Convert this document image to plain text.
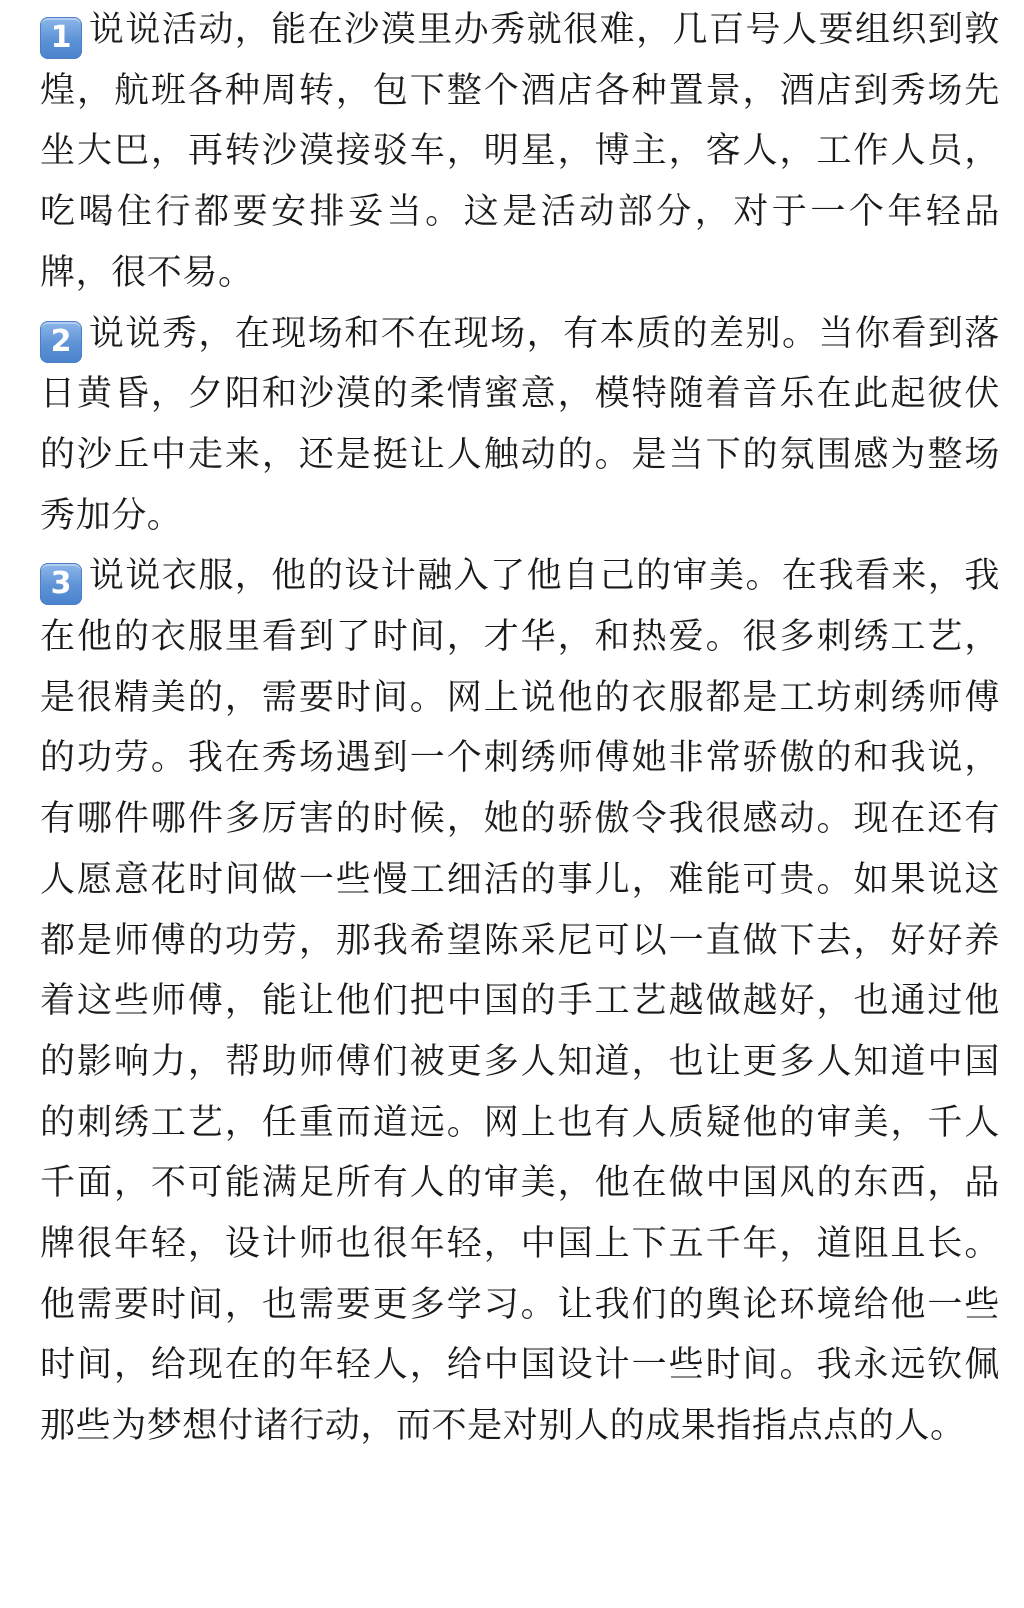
1 说说活动，能在沙漠里办秀就很难，几百号人要组织到敦煌，航班各种周转，包下整个酒店各种置景，酒店到秀场先坐大巴，再转沙漠接驳车，明星，博主，客人，工作人员，吃喝住行都要安排妥当。这是活动部分，对于一个年轻品牌，很不易。

2 说说秀，在现场和不在现场，有本质的差别。当你看到落日黄昏，夕阳和沙漠的柔情蜜意，模特随着音乐在此起彼伏的沙丘中走来，还是挺让人触动的。是当下的氛围感为整场秀加分。

3 说说衣服，他的设计融入了他自己的审美。在我看来，我在他的衣服里看到了时间，才华，和热爱。很多刺绣工艺，是很精美的，需要时间。网上说他的衣服都是工坊刺绣师傅的功劳。我在秀场遇到一个刺绣师傅她非常骄傲的和我说，有哪件哪件多厉害的时候，她的骄傲令我很感动。现在还有人愿意花时间做一些慢工细活的事儿，难能可贵。如果说这都是师傅的功劳，那我希望陈采尼可以一直做下去，好好养着这些师傅，能让他们把中国的手工艺越做越好，也通过他的影响力，帮助师傅们被更多人知道，也让更多人知道中国的刺绣工艺，任重而道远。网上也有人质疑他的审美，千人千面，不可能满足所有人的审美，他在做中国风的东西，品牌很年轻，设计师也很年轻，中国上下五千年，道阻且长。他需要时间，也需要更多学习。让我们的舆论环境给他一些时间，给现在的年轻人，给中国设计一些时间。我永远钦佩那些为梦想付诸行动，而不是对别人的成果指指点点的人。
